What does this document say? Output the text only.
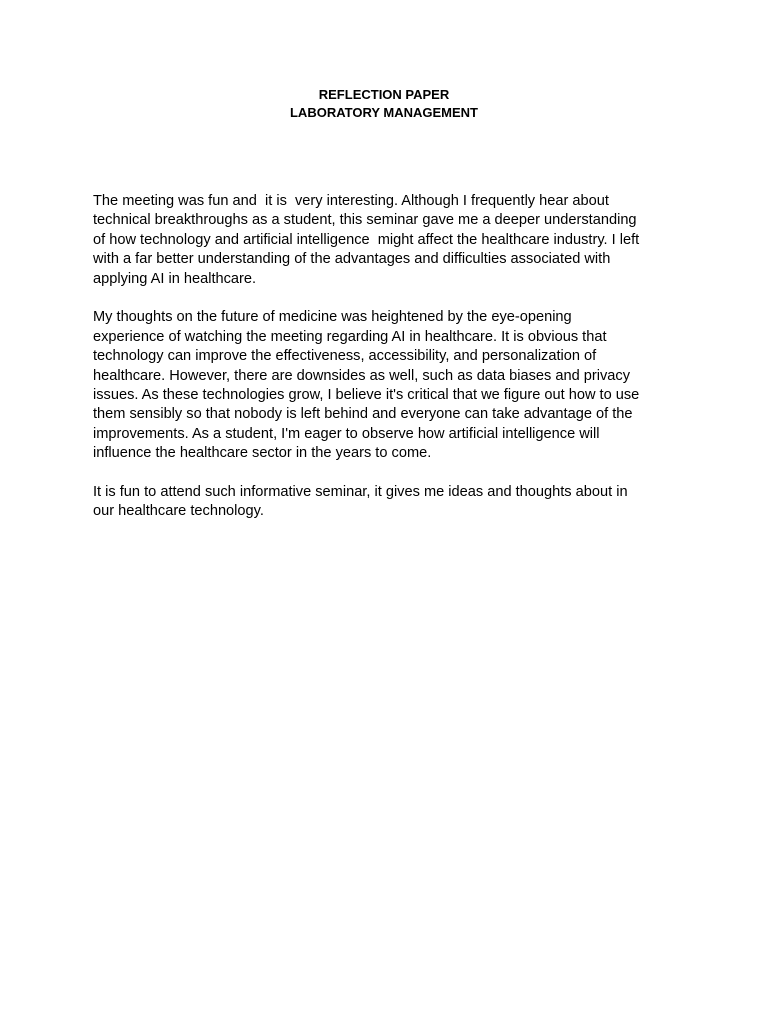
REFLECTION PAPER
LABORATORY MANAGEMENT
The meeting was fun and  it is  very interesting. Although I frequently hear about
technical breakthroughs as a student, this seminar gave me a deeper understanding
of how technology and artificial intelligence  might affect the healthcare industry. I left
with a far better understanding of the advantages and difficulties associated with
applying AI in healthcare.
My thoughts on the future of medicine was heightened by the eye-opening
experience of watching the meeting regarding AI in healthcare. It is obvious that
technology can improve the effectiveness, accessibility, and personalization of
healthcare. However, there are downsides as well, such as data biases and privacy
issues. As these technologies grow, I believe it's critical that we figure out how to use
them sensibly so that nobody is left behind and everyone can take advantage of the
improvements. As a student, I'm eager to observe how artificial intelligence will
influence the healthcare sector in the years to come.
It is fun to attend such informative seminar, it gives me ideas and thoughts about in
our healthcare technology.
